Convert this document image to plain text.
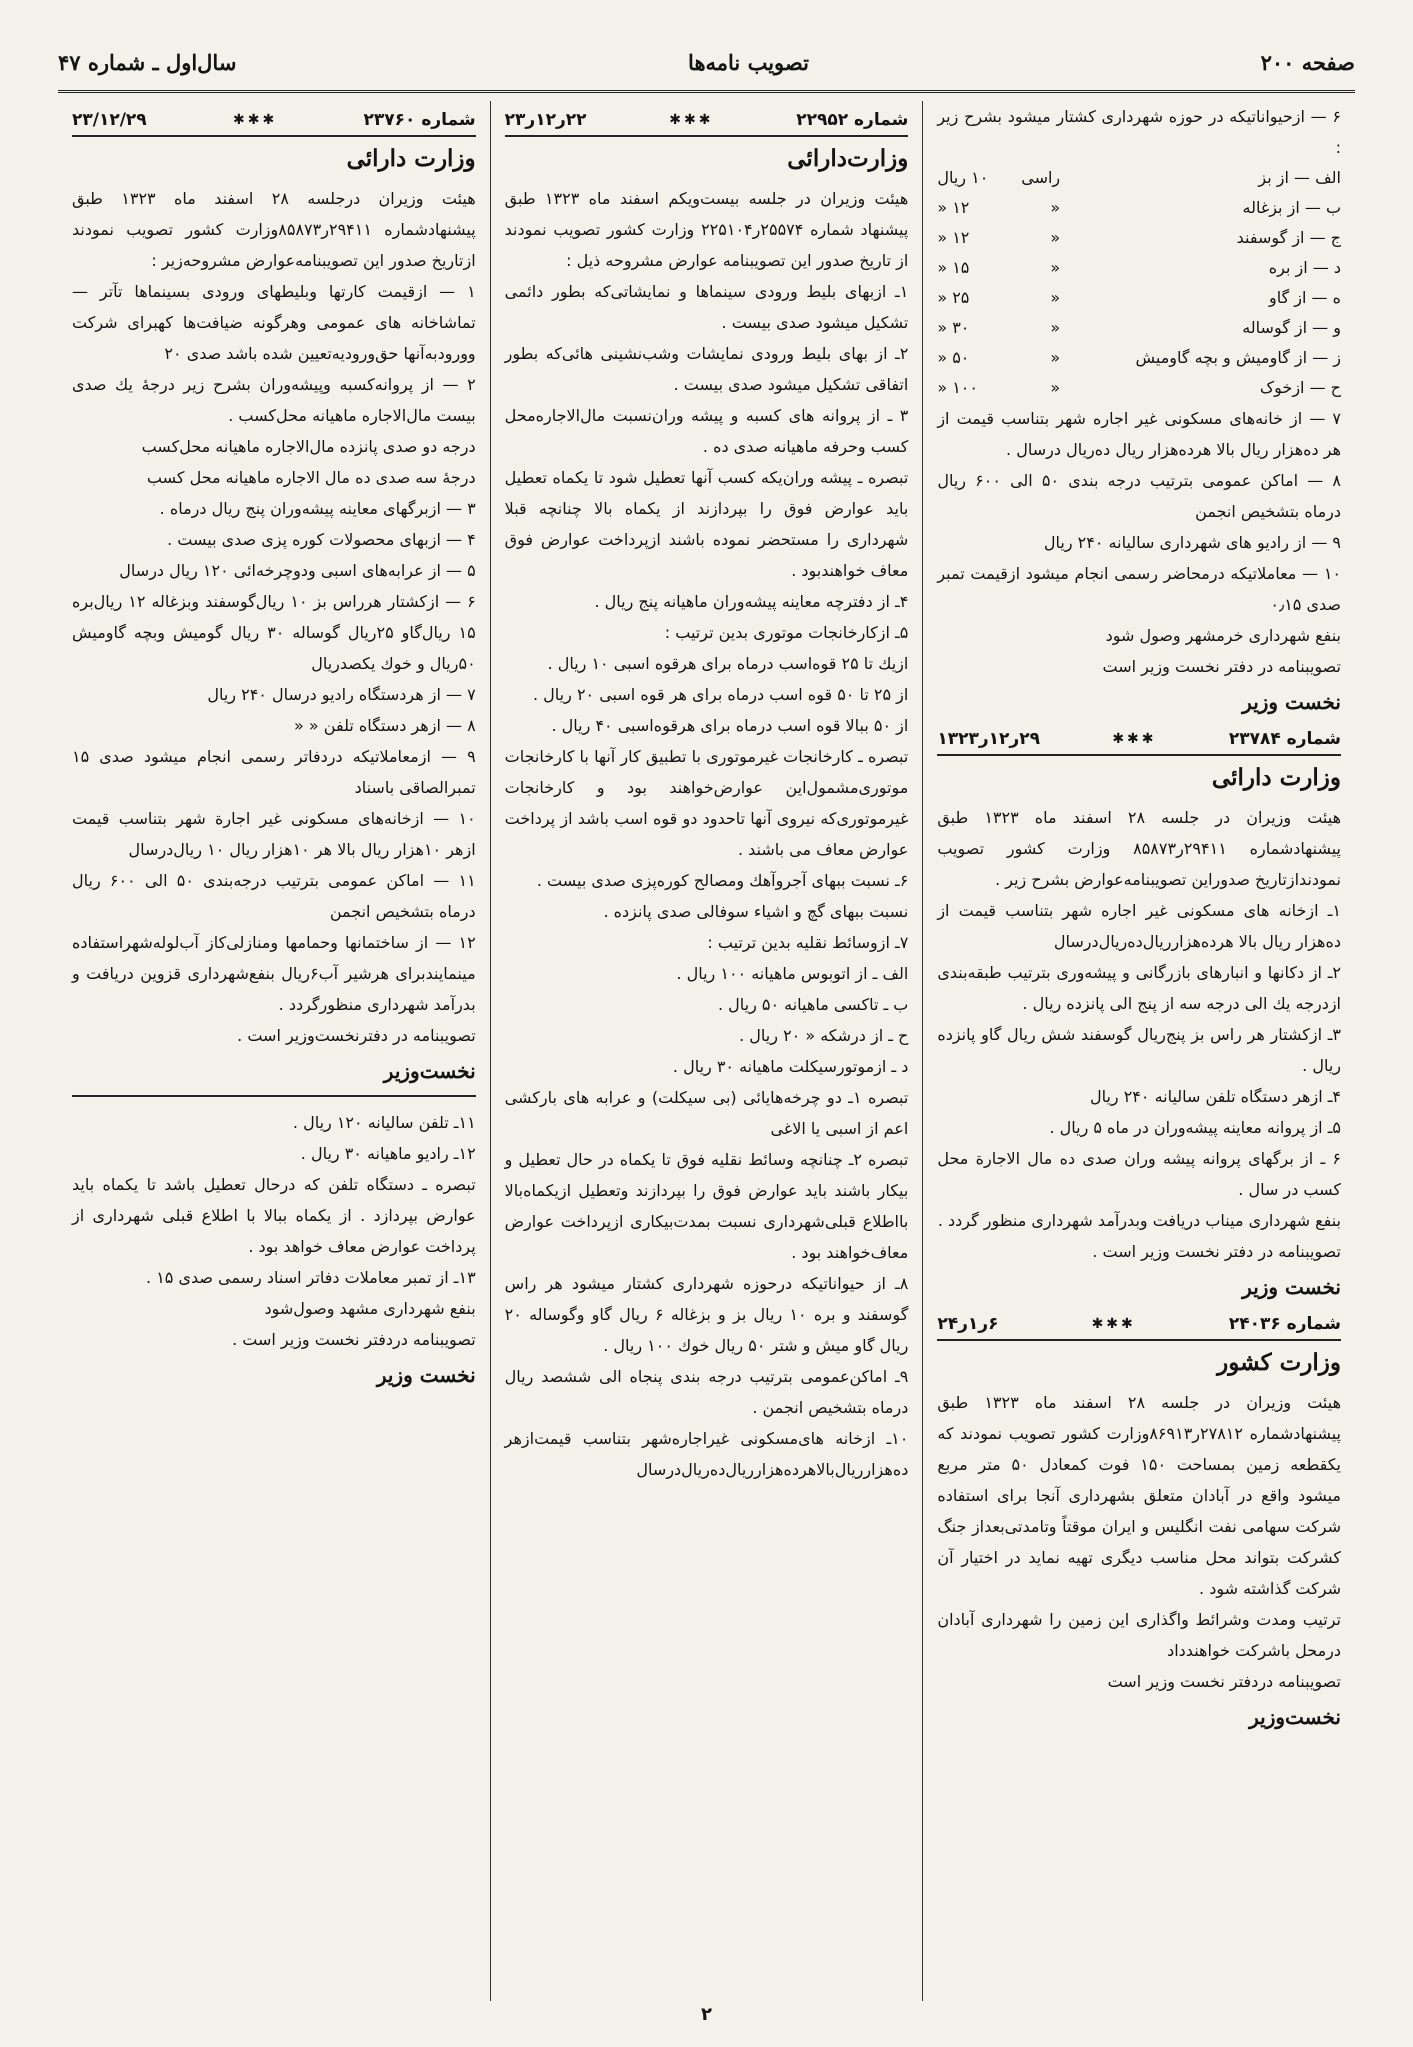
صفحه ۲۰۰
تصویب نامه‌ها
سال‌اول ـ شماره ۴۷

۶ — ازحیواناتیکه در حوزه شهرداری کشتار میشود بشرح زیر :

الف — از بز	راسی	۱۰ ریال
ب — از بزغاله	«	۱۲ «
ج — از گوسفند	«	۱۲ «
د — از بره	«	۱۵ «
ه — از گاو	«	۲۵ «
و — از گوساله	«	۳۰ «
ز — از گاومیش و بچه گاومیش	«	۵۰ «
ح — ازخوک	«	۱۰۰ «

۷ — از خانه‌های مسکونی غیر اجاره شهر بتناسب قیمت از هر ده‌هزار ریال بالا هرده‌هزار ریال ده‌ریال درسال .

۸ — اماکن عمومی بترتیب درجه بندی ۵۰ الی ۶۰۰ ریال درماه بتشخیص انجمن

۹ — از رادیو های شهرداری سالیانه ۲۴۰ ریال

۱۰ — معاملاتیکه درمحاضر رسمی انجام میشود ازقیمت تمبر صدی ۰٫۱۵

بنفع شهرداری خرمشهر وصول شود

تصویبنامه در دفتر نخست وزیر است

نخست وزیر
شماره ۲۳۷۸۴
✱✱✱
۲۹ر۱۲ر۱۳۲۳
وزارت دارائی

هیئت وزیران در جلسه ۲۸ اسفند ماه ۱۳۲۳ طبق پیشنهادشماره ۲۹۴۱۱ر۸۵۸۷۳ وزارت کشور تصویب نمودندازتاریخ صدوراین تصویبنامه‌عوارض بشرح زیر .

۱ـ ازخانه های مسکونی غیر اجاره شهر بتناسب قیمت از ده‌هزار ریال بالا هرده‌هزارریال‌ده‌ریال‌درسال

۲ـ از دکانها و انبارهای بازرگانی و پیشه‌وری بترتیب طبقه‌بندی ازدرجه یك الی درجه سه از پنج الی پانزده ریال .

۳ـ ازکشتار هر راس بز پنج‌ریال گوسفند شش ریال گاو پانزده ریال .

۴ـ ازهر دستگاه تلفن سالیانه ۲۴۰ ریال

۵ـ از پروانه معاینه پیشه‌وران در ماه ۵ ریال .

۶ ـ از برگهای پروانه پیشه وران صدی ده مال الاجارة محل کسب در سال .

بنفع شهرداری میناب دریافت وبدرآمد شهرداری منظور گردد .

تصویبنامه در دفتر نخست وزیر است .

نخست وزیر
شماره ۲۴۰۳۶
✱✱✱
۶ر۱ر۲۴
وزارت کشور

هیئت وزیران در جلسه ۲۸ اسفند ماه ۱۳۲۳ طبق پیشنهادشماره ۲۷۸۱۲ر۸۶۹۱۳وزارت کشور تصویب نمودند که یکقطعه زمین بمساحت ۱۵۰ فوت کمعادل ۵۰ متر مربع میشود واقع در آبادان متعلق بشهرداری آنجا برای استفاده شرکت سهامی نفت انگلیس و ایران موقتاً وتامدتی‌بعداز جنگ کشرکت بتواند محل مناسب دیگری تهیه نماید در اختیار آن شرکت گذاشته شود .

ترتیب ومدت وشرائط واگذاری این زمین را شهرداری آبادان درمحل باشرکت خواهندداد

تصویبنامه دردفتر نخست وزیر است

نخست‌وزیر
شماره ۲۲۹۵۲
✱✱✱
۲۲ر۱۲ر۲۳
وزارت‌دارائی

هیئت وزیران در جلسه بیست‌ویکم اسفند ماه ۱۳۲۳ طبق پیشنهاد شماره ۲۵۵۷۴ر۲۲۵۱۰۴ وزارت کشور تصویب نمودند از تاریخ صدور این تصویبنامه عوارض مشروحه ذیل :

۱ـ ازبهای بلیط ورودی سینماها و نمایشاتی‌که بطور دائمی تشکیل میشود صدی بیست .

۲ـ از بهای بلیط ورودی نمایشات وشب‌نشینی هائی‌که بطور اتفاقی تشکیل میشود صدی بیست .

۳ ـ از پروانه های کسبه و پیشه وران‌نسبت مال‌الاجاره‌محل کسب وحرفه ماهیانه صدی ده .

تبصره ـ پیشه وران‌یکه کسب آنها تعطیل شود تا یکماه تعطیل باید عوارض فوق را بپردازند از یکماه بالا چنانچه قبلا شهرداری را مستحضر نموده باشند ازپرداخت عوارض فوق معاف خواهندبود .

۴ـ از دفترچه معاینه پیشه‌وران ماهیانه پنج ریال .

۵ـ ازکارخانجات موتوری بدین ترتیب :

ازیك تا ۲۵ قوه‌اسب درماه برای هرقوه اسبی ۱۰ ریال .

از ۲۵ تا ۵۰ قوه اسب درماه برای هر قوه اسبی ۲۰ ریال .

از ۵۰ ببالا قوه اسب درماه برای هرقوه‌اسبی ۴۰ ریال .

تبصره ـ کارخانجات غیرموتوری با تطبیق کار آنها با کارخانجات موتوری‌مشمول‌این عوارض‌خواهند بود و کارخانجات غیرموتوری‌که نیروی آنها تاحدود دو قوه اسب باشد از پرداخت عوارض معاف می باشند .

۶ـ نسبت ببهای آجروآهك ومصالح کوره‌پزی صدی بیست .

نسبت ببهای گچ و اشیاء سوفالی صدی پانزده .

۷ـ ازوسائط نقلیه بدین ترتیب :

الف ـ از اتوبوس ماهیانه ۱۰۰ ریال .

ب ـ تاکسی ماهیانه ۵۰ ریال .

ح ـ از درشکه « ۲۰ ریال .

د ـ ازموتورسیکلت ماهیانه ۳۰ ریال .

تبصره ۱ـ دو چرخه‌هایائی (بی سیکلت) و عرابه های بارکشی اعم از اسبی یا الاغی

تبصره ۲ـ چنانچه وسائط نقلیه فوق تا یکماه در حال تعطیل و بیکار باشند باید عوارض فوق را بپردازند وتعطیل ازیکماه‌بالا بااطلاع قبلی‌شهرداری نسبت بمدت‌بیکاری ازپرداخت عوارض معاف‌خواهند بود .

۸ـ از حیواناتیکه درحوزه شهرداری کشتار میشود هر راس گوسفند و بره ۱۰ ریال بز و بزغاله ۶ ریال گاو وگوساله ۲۰ ریال گاو میش و شتر ۵۰ ریال خوك ۱۰۰ ریال .

۹ـ اماکن‌عمومی بترتیب درجه بندی پنجاه الی ششصد ریال درماه بتشخیص انجمن .

۱۰ـ ازخانه های‌مسکونی غیراجاره‌شهر بتناسب قیمت‌ازهر ده‌هزارریال‌بالاهرده‌هزارریال‌ده‌ریال‌درسال

شماره ۲۳۷۶۰
✱✱✱
۲۳/۱۲/۲۹
وزارت دارائی

هیئت وزیران درجلسه ۲۸ اسفند ماه ۱۳۲۳ طبق پیشنهادشماره ۲۹۴۱۱ر۸۵۸۷۳وزارت کشور تصویب نمودند ازتاریخ صدور این تصویبنامه‌عوارض مشروحه‌زیر :

۱ — ازقیمت کارتها وبلیطهای ورودی بسینماها تآتر — تماشاخانه های عمومی وهرگونه ضیافت‌ها کهبرای شرکت وورودبه‌آنها حق‌ورودیه‌تعیین شده باشد صدی ۲۰

۲ — از پروانه‌کسبه وپیشه‌وران بشرح زیر درجهٔ یك صدی بیست مال‌الاجاره ماهیانه محل‌کسب .

درجه دو صدی پانزده مال‌الاجاره ماهیانه محل‌کسب

درجهٔ سه صدی ده مال الاجاره ماهیانه محل کسب

۳ — ازبرگهای معاینه پیشه‌وران پنج ریال درماه .

۴ — ازبهای محصولات کوره پزی صدی بیست .

۵ — از عرابه‌های اسبی ودوچرخه‌ائی ۱۲۰ ریال درسال

۶ — ازکشتار هرراس بز ۱۰ ریال‌گوسفند وبزغاله ۱۲ ریال‌بره ۱۵ ریال‌گاو ۲۵ریال گوساله ۳۰ ریال گومیش وبچه گاومیش ۵۰ریال و خوك یکصدریال

۷ — از هردستگاه رادیو درسال ۲۴۰ ریال

۸ — ازهر دستگاه تلفن « «

۹ — ازمعاملاتیکه دردفاتر رسمی انجام میشود صدی ۱۵ تمبرالصاقی باسناد

۱۰ — ازخانه‌های مسکونی غیر اجارة شهر بتناسب قیمت ازهر ۱۰هزار ریال بالا هر ۱۰هزار ریال ۱۰ ریال‌درسال

۱۱ — اماکن عمومی بترتیب درجه‌بندی ۵۰ الی ۶۰۰ ریال درماه بتشخیص انجمن

۱۲ — از ساختمانها وحمامها ومنازلی‌کاز آب‌لوله‌شهراستفاده مینمایندبرای هرشیر آب۶ریال بنفع‌شهرداری قزوین دریافت و بدرآمد شهرداری منظورگردد .

تصویبنامه در دفترنخست‌وزیر است .

نخست‌وزیر

۱۱ـ تلفن سالیانه ۱۲۰ ریال .

۱۲ـ رادیو ماهیانه ۳۰ ریال .

تبصره ـ دستگاه تلفن که درحال تعطیل باشد تا یکماه باید عوارض بپردازد . از یکماه ببالا با اطلاع قبلی شهرداری از پرداخت عوارض معاف خواهد بود .

۱۳ـ از تمبر معاملات دفاتر اسناد رسمی صدی ۱۵ .

بنفع شهرداری مشهد وصول‌شود

تصویبنامه دردفتر نخست وزیر است .

نخست وزیر
۲
